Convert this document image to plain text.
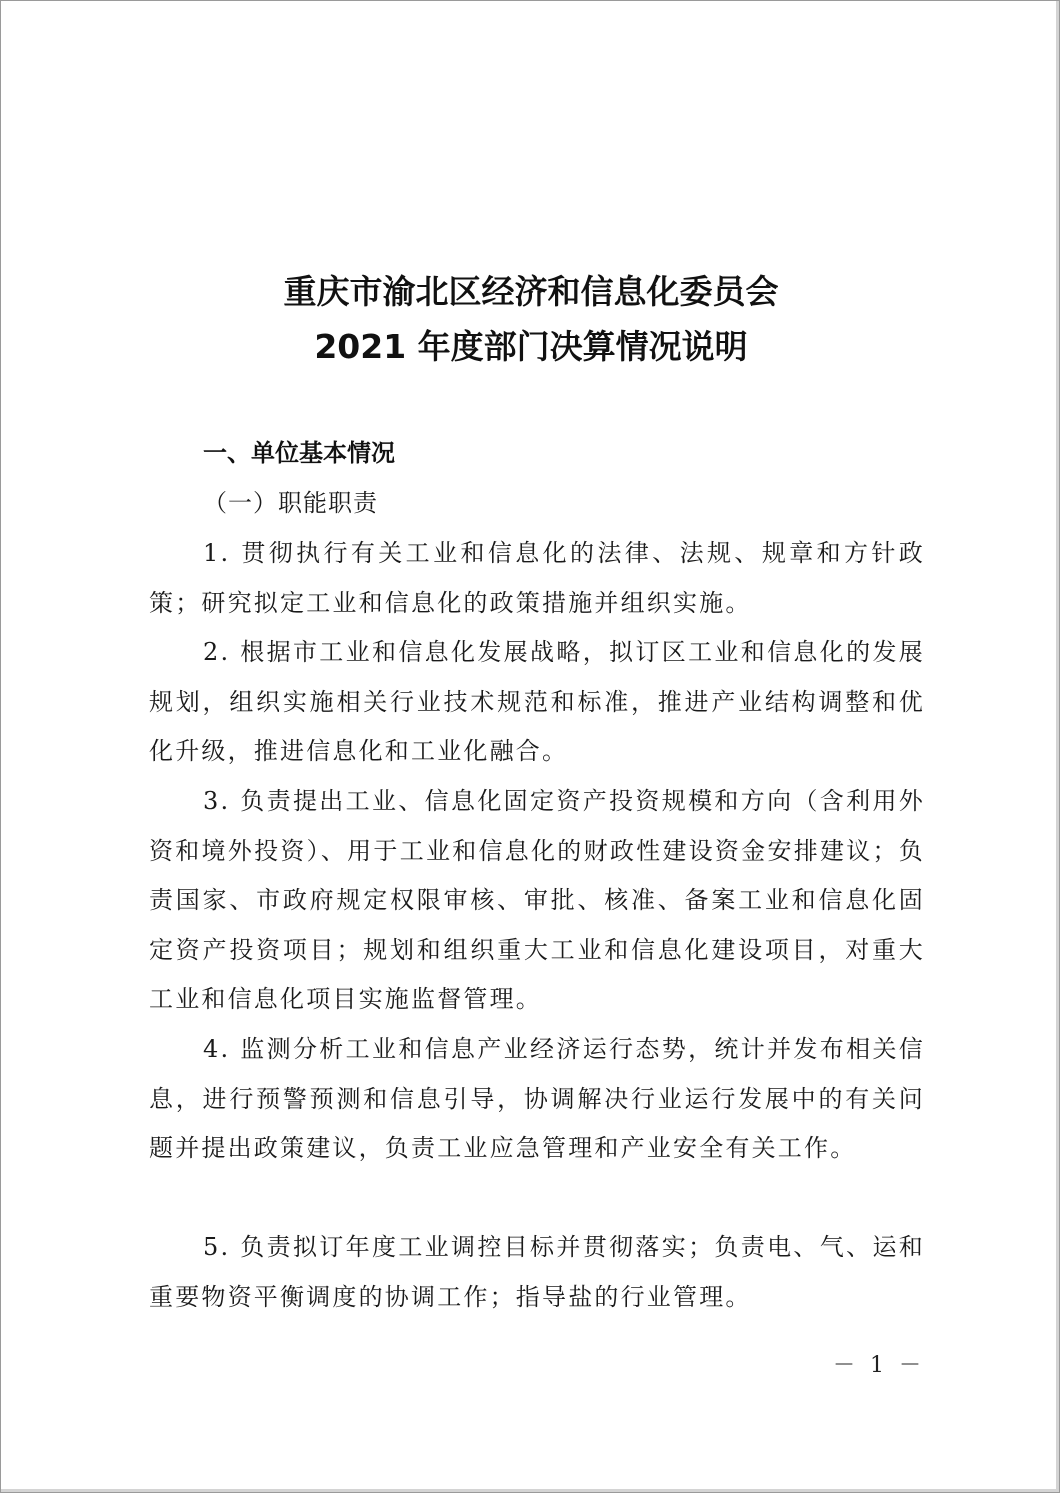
重庆市渝北区经济和信息化委员会
2021 年度部门决算情况说明
一、单位基本情况
（一）职能职责
1. 贯彻执行有关工业和信息化的法律、法规、规章和方针政策；研究拟定工业和信息化的政策措施并组织实施。
2. 根据市工业和信息化发展战略，拟订区工业和信息化的发展规划，组织实施相关行业技术规范和标准，推进产业结构调整和优化升级，推进信息化和工业化融合。
3. 负责提出工业、信息化固定资产投资规模和方向（含利用外资和境外投资）、用于工业和信息化的财政性建设资金安排建议；负责国家、市政府规定权限审核、审批、核准、备案工业和信息化固定资产投资项目；规划和组织重大工业和信息化建设项目，对重大工业和信息化项目实施监督管理。
4. 监测分析工业和信息产业经济运行态势，统计并发布相关信息，进行预警预测和信息引导，协调解决行业运行发展中的有关问题并提出政策建议，负责工业应急管理和产业安全有关工作。
5. 负责拟订年度工业调控目标并贯彻落实；负责电、气、运和重要物资平衡调度的协调工作；指导盐的行业管理。
－ 1 －
